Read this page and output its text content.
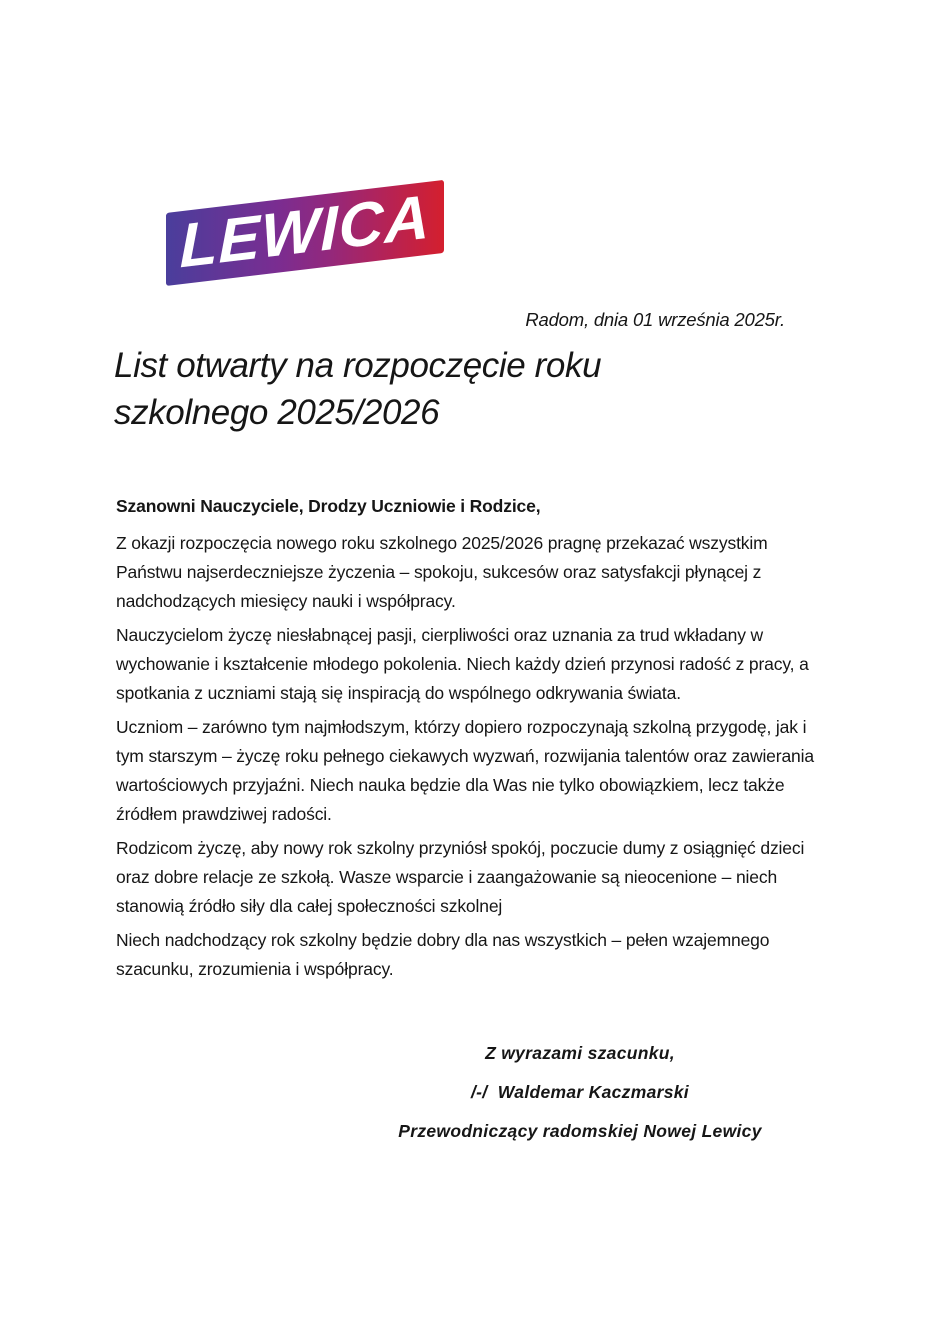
LEWICA
Radom, dnia 01 września 2025r.
List otwarty na rozpoczęcie roku
szkolnego 2025/2026

Szanowni Nauczyciele, Drodzy Uczniowie i Rodzice,

Z okazji rozpoczęcia nowego roku szkolnego 2025/2026 pragnę przekazać wszystkim Państwu najserdeczniejsze życzenia – spokoju, sukcesów oraz satysfakcji płynącej z nadchodzących miesięcy nauki i współpracy.

Nauczycielom życzę niesłabnącej pasji, cierpliwości oraz uznania za trud wkładany w wychowanie i kształcenie młodego pokolenia. Niech każdy dzień przynosi radość z pracy, a spotkania z uczniami stają się inspiracją do wspólnego odkrywania świata.

Uczniom – zarówno tym najmłodszym, którzy dopiero rozpoczynają szkolną przygodę, jak i tym starszym – życzę roku pełnego ciekawych wyzwań, rozwijania talentów oraz zawierania wartościowych przyjaźni. Niech nauka będzie dla Was nie tylko obowiązkiem, lecz także źródłem prawdziwej radości.

Rodzicom życzę, aby nowy rok szkolny przyniósł spokój, poczucie dumy z osiągnięć dzieci oraz dobre relacje ze szkołą. Wasze wsparcie i zaangażowanie są nieocenione – niech stanowią źródło siły dla całej społeczności szkolnej

Niech nadchodzący rok szkolny będzie dobry dla nas wszystkich – pełen wzajemnego szacunku, zrozumienia i współpracy.

Z wyrazami szacunku,

/-/  Waldemar Kaczmarski

Przewodniczący radomskiej Nowej Lewicy
